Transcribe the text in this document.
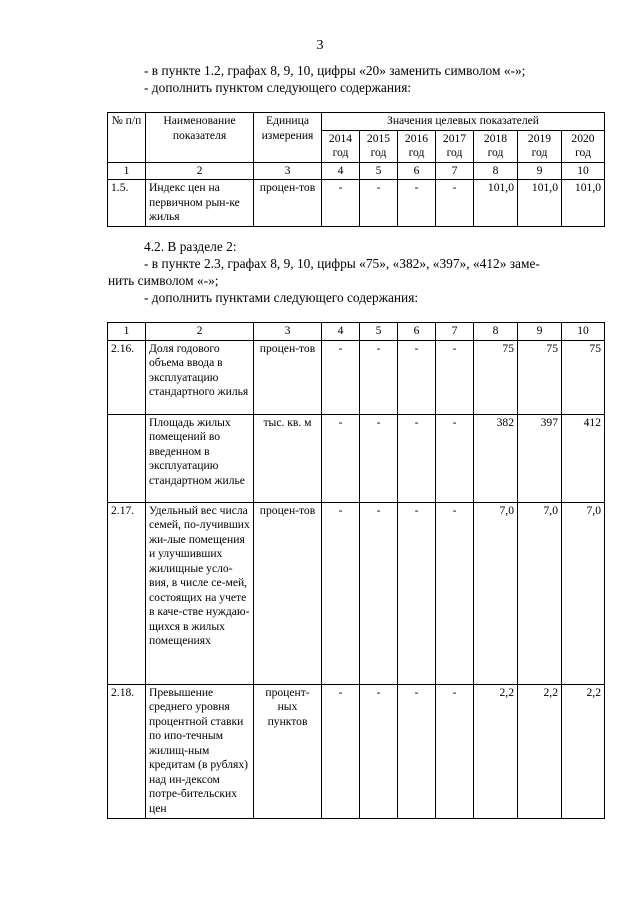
3
- в пункте 1.2, графах 8, 9, 10, цифры «20» заменить символом «-»;
- дополнить пунктом следующего содержания:
№ п/п	Наименование показателя	Единица измерения	Значения целевых показателей						
			2014 год	2015 год	2016 год	2017 год	2018 год	2019 год	2020 год
1	2	3	4	5	6	7	8	9	10
1.5.	Индекс цен на первичном рын-ке жилья	процен-тов	-	-	-	-	101,0	101,0	101,0
4.2. В разделе 2:
- в пункте 2.3, графах 8, 9, 10, цифры «75», «382», «397», «412» заме-
нить символом «-»;
- дополнить пунктами следующего содержания:
1	2	3	4	5	6	7	8	9	10
2.16.	Доля годового объема ввода в эксплуатацию стандартного жилья	процен-тов	-	-	-	-	75	75	75
	Площадь жилых помещений во введенном в эксплуатацию стандартном жилье	тыс. кв. м	-	-	-	-	382	397	412
2.17.	Удельный вес числа семей, по-лучивших жи-лые помещения и улучшивших жилищные усло-вия, в числе се-мей, состоящих на учете в каче-стве нуждаю-щихся в жилых помещениях	процен-тов	-	-	-	-	7,0	7,0	7,0
2.18.	Превышение среднего уровня процентной ставки по ипо-течным жилищ-ным кредитам (в рублях) над ин-дексом потре-бительских цен	процент-ных пунктов	-	-	-	-	2,2	2,2	2,2
